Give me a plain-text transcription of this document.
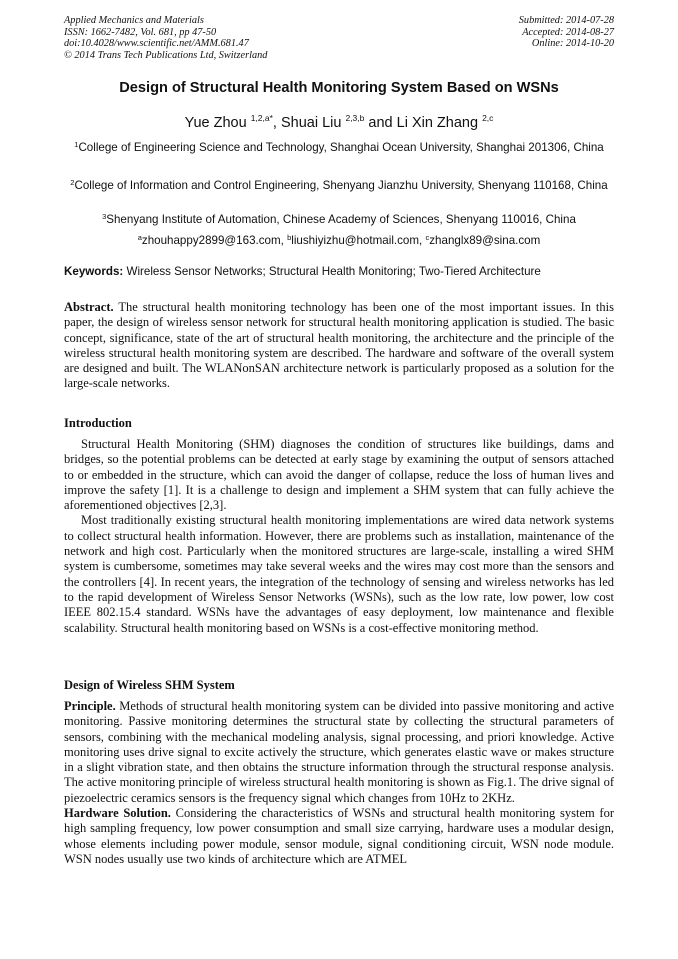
Applied Mechanics and Materials
ISSN: 1662-7482, Vol. 681, pp 47-50
doi:10.4028/www.scientific.net/AMM.681.47
© 2014 Trans Tech Publications Ltd, Switzerland
Submitted: 2014-07-28
Accepted: 2014-08-27
Online: 2014-10-20
Design of Structural Health Monitoring System Based on WSNs
Yue Zhou $^{1,2,a*}$, Shuai Liu $^{2,3,b}$ and Li Xin Zhang $^{2,c}$
$^1$College of Engineering Science and Technology, Shanghai Ocean University, Shanghai 201306, China
$^2$College of Information and Control Engineering, Shenyang Jianzhu University, Shenyang 110168, China
$^3$Shenyang Institute of Automation, Chinese Academy of Sciences, Shenyang 110016, China
$^a$zhouhappy2899@163.com, $^b$liushiyizhu@hotmail.com, $^c$zhanglx89@sina.com
Keywords: Wireless Sensor Networks; Structural Health Monitoring; Two-Tiered Architecture
Abstract. The structural health monitoring technology has been one of the most important issues. In this paper, the design of wireless sensor network for structural health monitoring application is studied. The basic concept, significance, state of the art of structural health monitoring, the architecture and the principle of the wireless structural health monitoring system are described. The hardware and software of the overall system are designed and built. The WLANonSAN architecture network is particularly proposed as a solution for the large-scale networks.
Introduction

Structural Health Monitoring (SHM) diagnoses the condition of structures like buildings, dams and bridges, so the potential problems can be detected at early stage by examining the output of sensors attached to or embedded in the structure, which can avoid the danger of collapse, reduce the loss of human lives and improve the safety [1]. It is a challenge to design and implement a SHM system that can fully achieve the aforementioned objectives [2,3].

Most traditionally existing structural health monitoring implementations are wired data network systems to collect structural health information. However, there are problems such as installation, maintenance of the network and high cost. Particularly when the monitored structures are large-scale, installing a wired SHM system is cumbersome, sometimes may take several weeks and the wires may cost more than the sensors and the controllers [4]. In recent years, the integration of the technology of sensing and wireless networks has led to the rapid development of Wireless Sensor Networks (WSNs), such as the low rate, low power, low cost IEEE 802.15.4 standard. WSNs have the advantages of easy deployment, low maintenance and flexible scalability. Structural health monitoring based on WSNs is a cost-effective monitoring method.

Design of Wireless SHM System

Principle. Methods of structural health monitoring system can be divided into passive monitoring and active monitoring. Passive monitoring determines the structural state by collecting the structural parameters of sensors, combining with the mechanical modeling analysis, signal processing, and priori knowledge. Active monitoring uses drive signal to excite actively the structure, which generates elastic wave or makes structure in a slight vibration state, and then obtains the structure information through the structural response analysis. The active monitoring principle of wireless structural health monitoring is shown as Fig.1. The drive signal of piezoelectric ceramics sensors is the frequency signal which changes from 10Hz to 2KHz.

Hardware Solution. Considering the characteristics of WSNs and structural health monitoring system for high sampling frequency, low power consumption and small size carrying, hardware uses a modular design, whose elements including power module, sensor module, signal conditioning circuit, WSN node module. WSN nodes usually use two kinds of architecture which are ATMEL
